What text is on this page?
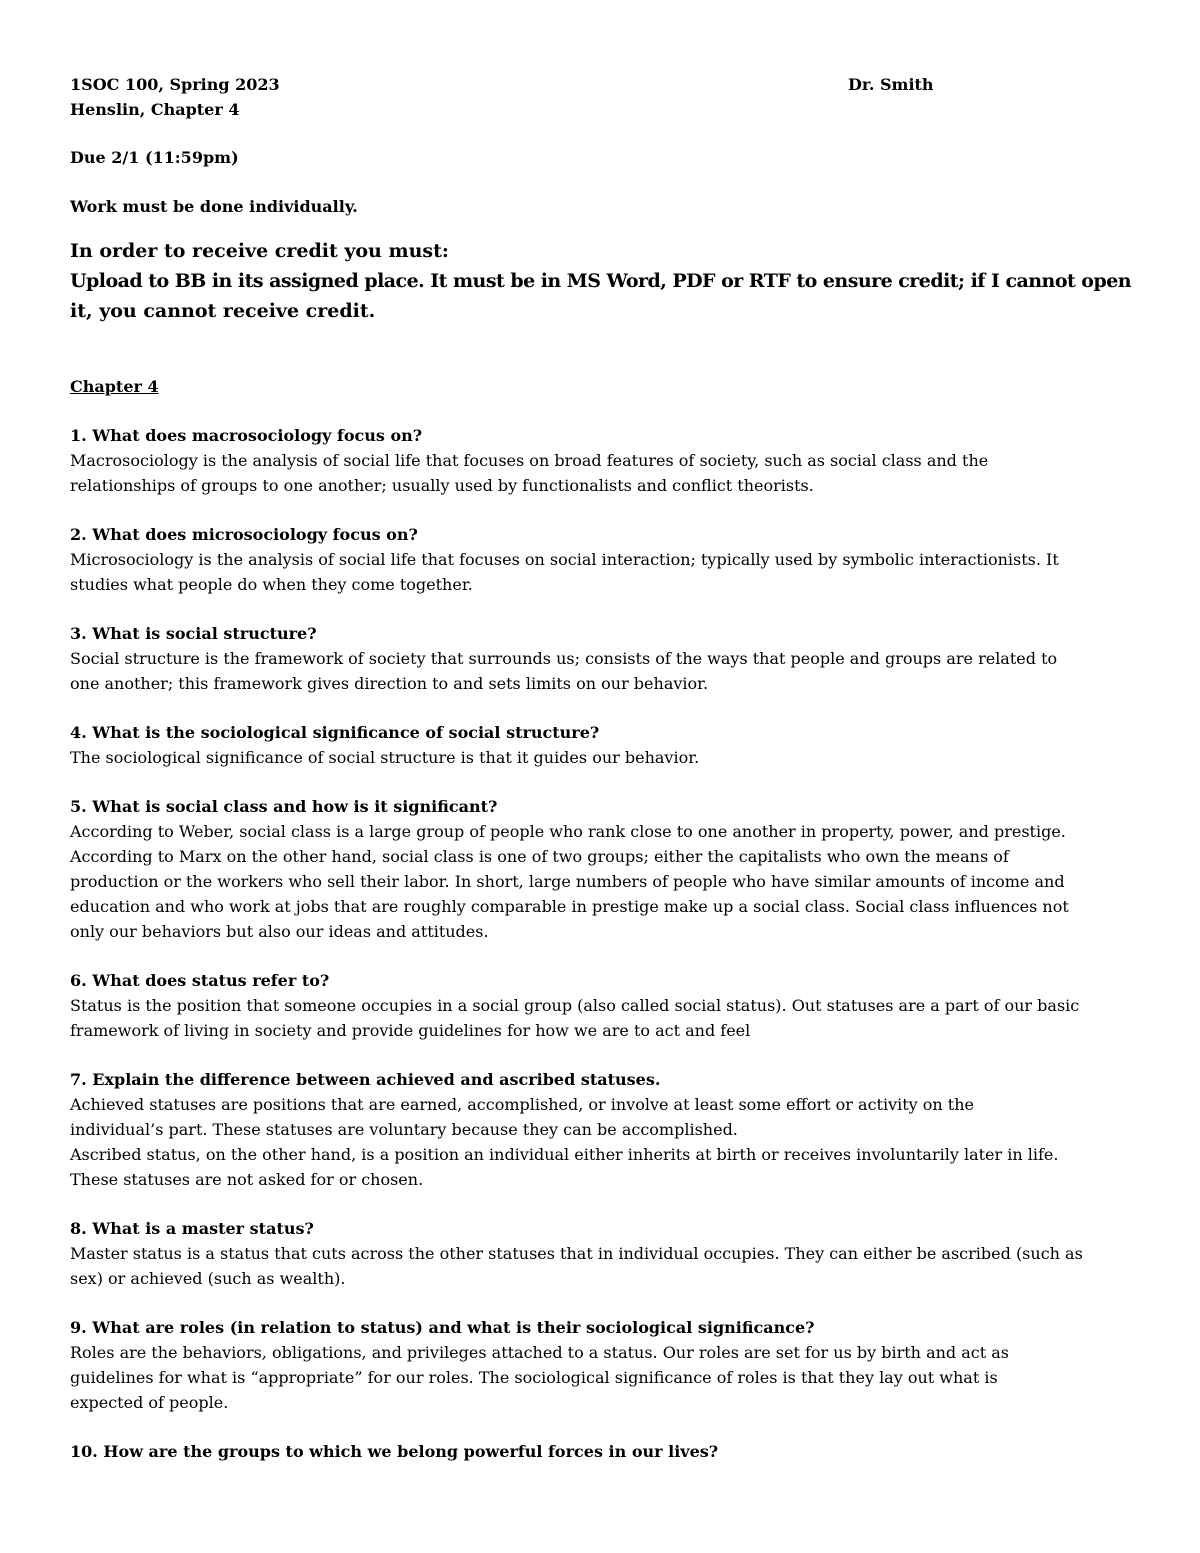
1SOC 100, Spring 2023	Dr. Smith
Henslin, Chapter 4
Due 2/1 (11:59pm)
Work must be done individually.
In order to receive credit you must:
Upload to BB in its assigned place. It must be in MS Word, PDF or RTF to ensure credit; if I cannot open
it, you cannot receive credit.
Chapter 4
1. What does macrosociology focus on?
Macrosociology is the analysis of social life that focuses on broad features of society, such as social class and the
relationships of groups to one another; usually used by functionalists and conflict theorists.
2. What does microsociology focus on?
Microsociology is the analysis of social life that focuses on social interaction; typically used by symbolic interactionists. It
studies what people do when they come together.
3. What is social structure?
Social structure is the framework of society that surrounds us; consists of the ways that people and groups are related to
one another; this framework gives direction to and sets limits on our behavior.
4. What is the sociological significance of social structure?
The sociological significance of social structure is that it guides our behavior.
5. What is social class and how is it significant?
According to Weber, social class is a large group of people who rank close to one another in property, power, and prestige.
According to Marx on the other hand, social class is one of two groups; either the capitalists who own the means of
production or the workers who sell their labor. In short, large numbers of people who have similar amounts of income and
education and who work at jobs that are roughly comparable in prestige make up a social class. Social class influences not
only our behaviors but also our ideas and attitudes.
6. What does status refer to?
Status is the position that someone occupies in a social group (also called social status). Out statuses are a part of our basic
framework of living in society and provide guidelines for how we are to act and feel
7. Explain the difference between achieved and ascribed statuses.
Achieved statuses are positions that are earned, accomplished, or involve at least some effort or activity on the
individual’s part. These statuses are voluntary because they can be accomplished.
Ascribed status, on the other hand, is a position an individual either inherits at birth or receives involuntarily later in life.
These statuses are not asked for or chosen.
8. What is a master status?
Master status is a status that cuts across the other statuses that in individual occupies. They can either be ascribed (such as
sex) or achieved (such as wealth).
9. What are roles (in relation to status) and what is their sociological significance?
Roles are the behaviors, obligations, and privileges attached to a status. Our roles are set for us by birth and act as
guidelines for what is “appropriate” for our roles. The sociological significance of roles is that they lay out what is
expected of people.
10. How are the groups to which we belong powerful forces in our lives?
